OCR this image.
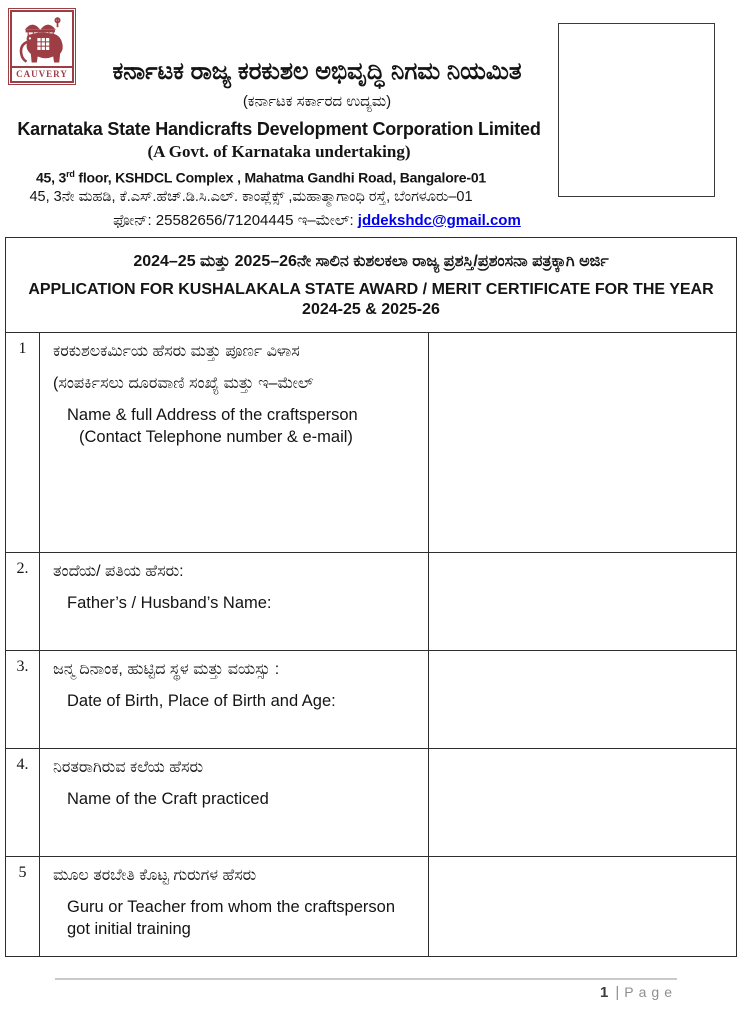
CAUVERY	ಕರ್ನಾಟಕ ರಾಜ್ಯ ಕರಕುಶಲ ಅಭಿವೃದ್ಧಿ ನಿಗಮ ನಿಯಮಿತ
(ಕರ್ನಾಟಕ ಸರ್ಕಾರದ ಉದ್ಯಮ)
Karnataka State Handicrafts Development Corporation Limited
(A Govt. of Karnataka undertaking)
45, 3rd floor, KSHDCL Complex , Mahatma Gandhi Road, Bangalore-01
45, 3ನೇ ಮಹಡಿ, ಕೆ.ಎಸ್.ಹೆಚ್.ಡಿ.ಸಿ.ಎಲ್. ಕಾಂಪ್ಲೆಕ್ಸ್ ,ಮಹಾತ್ಮಾಗಾಂಧಿ ರಸ್ತೆ, ಬೆಂಗಳೂರು–01
ಫೋನ್: 25582656/71204445 ಇ–ಮೇಲ್: jddekshdc@gmail.com
2024–25 ಮತ್ತು 2025–26ನೇ ಸಾಲಿನ ಕುಶಲಕಲಾ ರಾಜ್ಯ ಪ್ರಶಸ್ತಿ/ಪ್ರಶಂಸನಾ ಪತ್ರಕ್ಕಾಗಿ ಅರ್ಜಿ
APPLICATION FOR KUSHALAKALA STATE AWARD / MERIT CERTIFICATE FOR THE YEAR
2024-25 & 2025-26
1	ಕರಕುಶಲಕರ್ಮಿಯ ಹೆಸರು ಮತ್ತು ಪೂರ್ಣ ವಿಳಾಸ
(ಸಂಪರ್ಕಿಸಲು ದೂರವಾಣಿ ಸಂಖ್ಯೆ ಮತ್ತು ಇ–ಮೇಲ್
Name & full Address of the craftsperson
(Contact Telephone number & e-mail)
2.	ತಂದೆಯ/ ಪತಿಯ ಹೆಸರು:
Father’s / Husband’s Name:
3.	ಜನ್ಮ ದಿನಾಂಕ, ಹುಟ್ಟಿದ ಸ್ಥಳ ಮತ್ತು ವಯಸ್ಸು :
Date of Birth, Place of Birth and Age:
4.	ನಿರತರಾಗಿರುವ ಕಲೆಯ ಹೆಸರು
Name of the Craft practiced
5	ಮೂಲ ತರಬೇತಿ ಕೊಟ್ಟ ಗುರುಗಳ ಹೆಸರು
Guru or Teacher from whom the craftsperson got initial training
1 | Page
